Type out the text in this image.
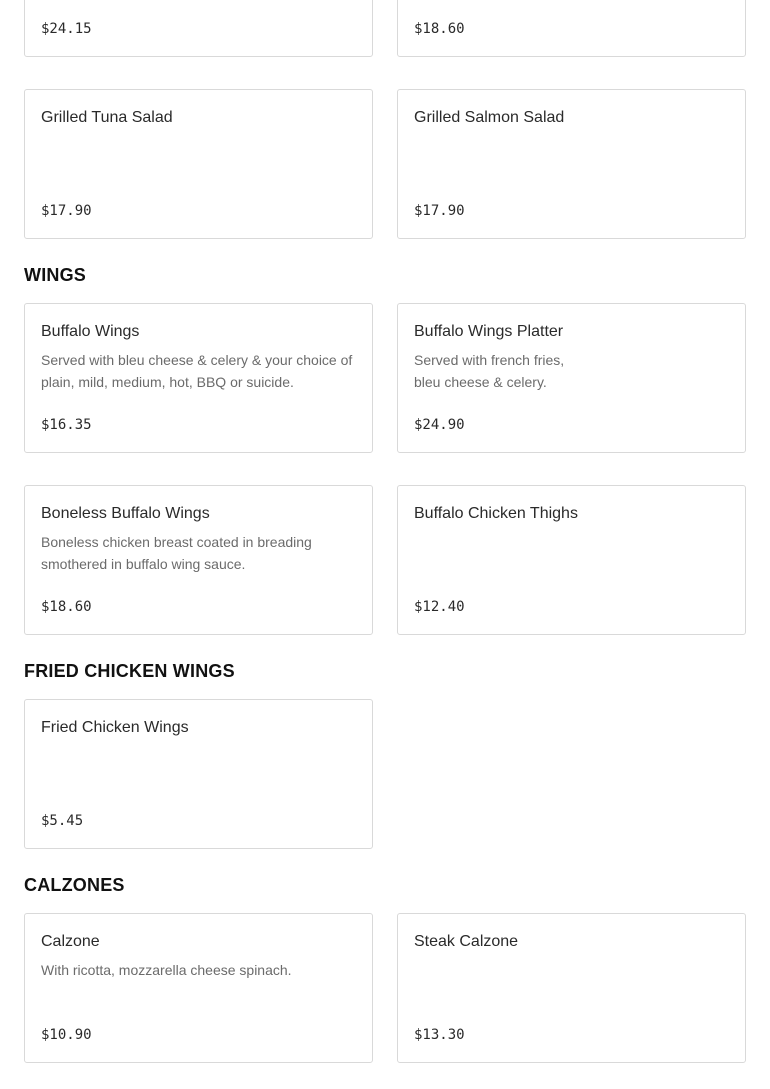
$24.15	$18.60
Grilled Tuna Salad
$17.90
Grilled Salmon Salad
$17.90
WINGS
Buffalo Wings
Served with bleu cheese & celery & your choice of plain, mild, medium, hot, BBQ or suicide.
$16.35
Buffalo Wings Platter
Served with french fries, bleu cheese & celery.
$24.90
Boneless Buffalo Wings
Boneless chicken breast coated in breading smothered in buffalo wing sauce.
$18.60
Buffalo Chicken Thighs
$12.40
FRIED CHICKEN WINGS
Fried Chicken Wings
$5.45
CALZONES
Calzone
With ricotta, mozzarella cheese spinach.
$10.90
Steak Calzone
$13.30
